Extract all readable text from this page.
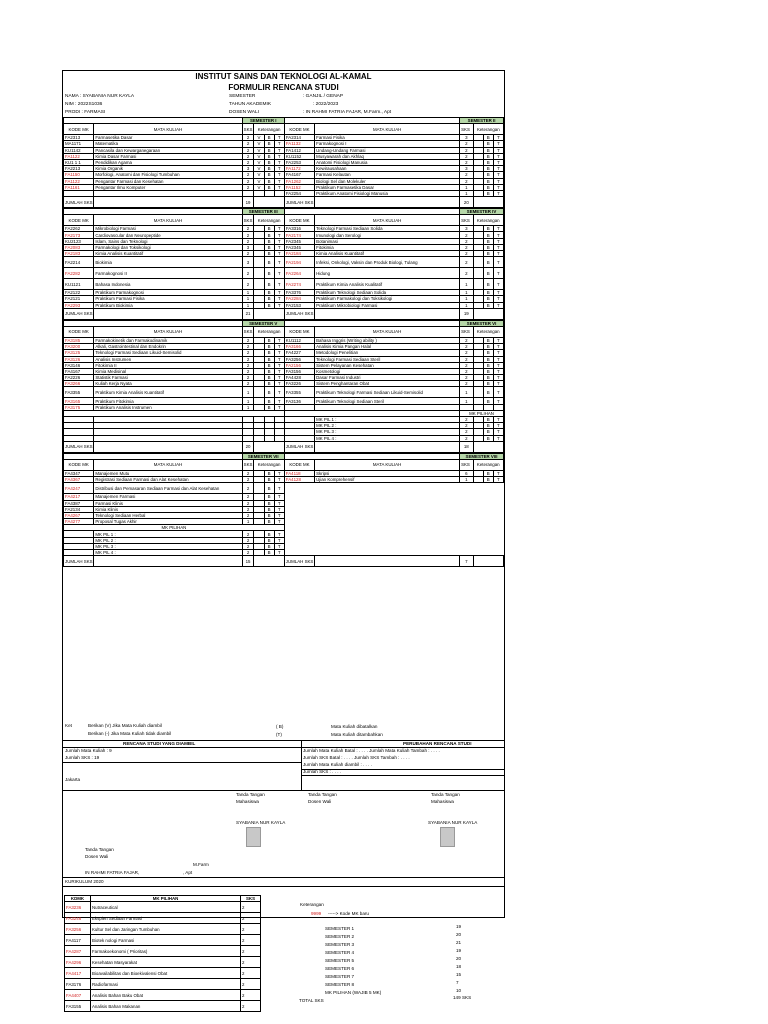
INSTITUT SAINS DAN TEKNOLOGI AL-KAMAL
FORMULIR RENCANA STUDI
NAMA : SYABANIA NUR KAYLA	SEMESTER	: GANJIL / GENAP
NIM : 2022S1036	TAHUN AKADEMIK	: 2022/2023
PRODI : FARMASI	DOSEN WALI	: IN RAHMI FATRIA FAJAR, M.Farm., Apt
		SEMESTER I						SEMESTER II			
KODE MK	MATA KULIAH	SKS	Keterangan			KODE MK	MATA KULIAH	SKS	Keterangan		
FA2313	Farmasetika Dasar	2	V	B	T	FA2314	Farmasi Fisika	3		B	T
MA1171	Matematika	2	V	B	T	FA1132	Farmakognosi I	2		B	T
KU1142	Pancasila dan Kewarganegaraan	2	V	B	T	FA1412	Undang-Undang Farmasi	2		B	T
FA1122	Kimia Dasar Farmasi	2	V	B	T	KU1152	Musyawarah dan Akhlaq	2		B	T
KU1 1 1	Pendidikan Agama	2	V	B	T	FA2253	Anatomi Fisiologi Manusia	2		B	T
FA2213	Kimia Organik	3	V	B	T	FA1172	Kewirausahaan	3		B	T
FA1150	Morfologi, Anatomi dan Fisiologi Tumbuhan	2	V	B	T	FA4167	Farmasi Kelautan	2		B	T
FA1122	Pengantar Farmasi dan Kesehatan	2	V	B	T	FA1262	Biologi Sel dan Molekuler	2		B	T
FA1161	Pengantar Ilmu Komputer	2	V	B	T	FA1152	Praktikum Farmasetika Dasar	1		B	T
						FA2254	Praktikum Anatomi Fisiologi Manusia	1		B	T
JUMLAH SKS		19				JUMLAH SKS		20			
		SEMESTER III						SEMESTER IV			
KODE MK	MATA KULIAH	SKS	Keterangan			KODE MK	MATA KULIAH	SKS	Keterangan		
FA2262	Mikrobiologi Farmasi	2		B	T	FA3316	Teknologi Farmasi Sediaan Solida	3		B	T
FA2173	Cardiovascular dan Neuropeptide	2		B	T	FA2174	Imunologi dan Serologi	2		B	T
KU2123	Islam, Sains dan Teknologi	2		B	T	FA2345	Botanimasi	2		B	T
FA2083	Farmakologi dan Toksikologi	3		B	T	FA2345	Fitokimia	2		B	T
FA2183	Kimia Analisis Kuantitatif	2		B	T	FA2184	Kimia Analisis Kuantitatif	2		B	T
FA2214	Biokimia	3		B	T	FA2194	Infeksi, Onkologi, Vaksin dan Produk Biologi, Tulang	2		B	T
FA2282	Farmakognosi II	2		B	T	FA2264	Hidung	2		B	T
KU1121	Bahasa Indonesia	2		B	T	FA2274	Praktikum Kimia Analisis Kualitatif	1		B	T
FA2122	Praktikum Farmakognosi	1		B	T	FA3376	Praktikum Teknologi Sediaan Solida	1		B	T
FA2121	Praktikum Farmasi Fisika	1		B	T	FA2284	Praktikum Farmakologi dan Toksikologi	1		B	T
FA2293	Praktikum Biokimia	1		B	T	FA2153	Praktikum Mikrobiologi Farmasi	1		B	T
JUMLAH SKS		21				JUMLAH SKS		19			
		SEMESTER V						SEMESTER VI			
KODE MK	MATA KULIAH	SKS	Keterangan			KODE MK	MATA KULIAH	SKS	Keterangan		
FA3185	Farmakokinetik dan Farmakodinamik	2		B	T	KU1112	Bahasa Inggris (Writing ability )	2		B	T
FA3200	Alkali, Gastrointestinal dan Endokrin	2		B	T	FA3166	Analisis Kimia Pangan Halal	2		B	T
FA3125	Teknologi Farmasi Sediaan Likuid-Semisolid	2		B	T	FA4227	Metodologi Penelitian	2		B	T
FA3126	Analisis Instrumen	2		B	T	FA3256	Teknologi Farmasi Sediaan Steril	2		B	T
FA3146	Fitokimia II	2		B	T	FA2156	Sistem Pelayanan Kesehatan	2		B	T
FA4167	Kimia Medisinal	2		B	T	FA3156	Kosmetologi	2		B	T
FA2226	Statistik Farmasi	2		B	T	FA4428	Dasar Farmasi Industri	2		B	T
FA3266	Kuliah Kerja Nyata	2		B	T	FA3226	Sistem Penghantaran Obat	2		B	T
FA3355	Praktikum Kimia Analisis Kuantitatif	1		B	T	FA3355	Praktikum Teknologi Farmasi Sediaan Likuid-Semisolid	1		B	T
FA3165	Praktikum Fitokimia	1		B	T	FA3136	Praktikum Teknologi Sediaan Steril	1		B	T
FA3175	Praktikum Analisis Instrumen	1		B	T						
								MK PILIHAN			
							MK PIL 1 :	2		B	T
							MK PIL 2 :	2		B	T
							MK PIL 3 :	2		B	T
							MK PIL 4 :	2		B	T
JUMLAH SKS		20				JUMLAH SKS		18			
		SEMESTER VII						SEMESTER VIII			
KODE MK	MATA KULIAH	SKS	Keterangan			KODE MK	MATA KULIAH	SKS	Keterangan		
FA4347	Manajemen Mutu	2		B	T	FA4118	Skripsi	6		B	T
FA4367	Registrasi Sediaan Farmasi dan Alat Kesehatan	2		B	T	FA4128	Ujian Komprehensif	1		B	T
FA4247	Distribusi dan Pemasaran Sediaan Farmasi dan Alat Kesehatan	2		B	T						
FA4217	Manajemen Farmasi	2		B	T						
FA4387	Farmasi Klinis	2		B	T						
FA2134	Kimia Klinis	2		B	T						
FA4267	Teknologi Sediaan Herbal	2		B	T						
FA4277	Proposal Tugas Akhir	1		B	T						
MK PILIHAN											
	MK PIL 1 :	2		B	T						
	MK PIL 2 :	2		B	T						
	MK PIL 3 :	2		B	T						
	MK PIL 4 :	2		B	T						
JUMLAH SKS		15				JUMLAH SKS		7			
Ket	Berikan (V) Jika Mata Kuliah diambil
Berikan (-) Jika Mata Kuliah tidak diambil
( B)
(T)
Mata Kuliah dibatalkan
Mata Kuliah ditambahkan
RENCANA STUDI YANG DIAMBIL	PERUBAHAN RENCANA STUDI
Jumlah Mata Kuliah : 9
Jumlah SKS : 19
Jumlah Mata Kuliah Batal : . . . . Jumlah Mata Kuliah Tambah : . . . .
Jumlah SKS Batal : . . . . Jumlah SKS Tambah : . . . .
Jumlah Mata Kuliah diambil : . . . .
Jumlah SKS : . . . .
Jakarta
Tanda Tangan
Mahasiswa
SYABANIA NUR KAYLA
Tanda Tangan
Dosen Wali
Tanda Tangan
Mahasiswa
SYABANIA NUR KAYLA
Tanda Tangan
Dosen Wali
M.Farm
IN RAHMI FATRIA FAJAR,	, Apt
KURIKULUM 2020
KDMK	MK PILIHAN	SKS
FA3236	Nutraceutical	2
FA3246	Ekspien Sediaan Farmasi	2
FA3256	Kultur Sel dan Jaringan Tumbuhan	2
FA4117	Biotek nologi Farmasi	2
FA4287	Farmakoekonomi ( Prioritas)	2
FA4296	Kesehatan Masyarakat	2
FA4417	Bioavailabilitas dan Bioekivalensi Obat	2
FA3176	Radiofarmasi	2
FA4407	Analisis Bahan Baku Obat	2
FA3155	Analisis Bahan Makanan	2
Keterangan
9999 -----> Kode MK baru
SEMESTER 1	19
SEMESTER 2	20
SEMESTER 3	21
SEMESTER 4	19
SEMESTER 5	20
SEMESTER 6	18
SEMESTER 7	15
SEMESTER 8	7
MK PILIHAN (WAJIB 5 MK)	10
TOTAL SKS
149 SKS
